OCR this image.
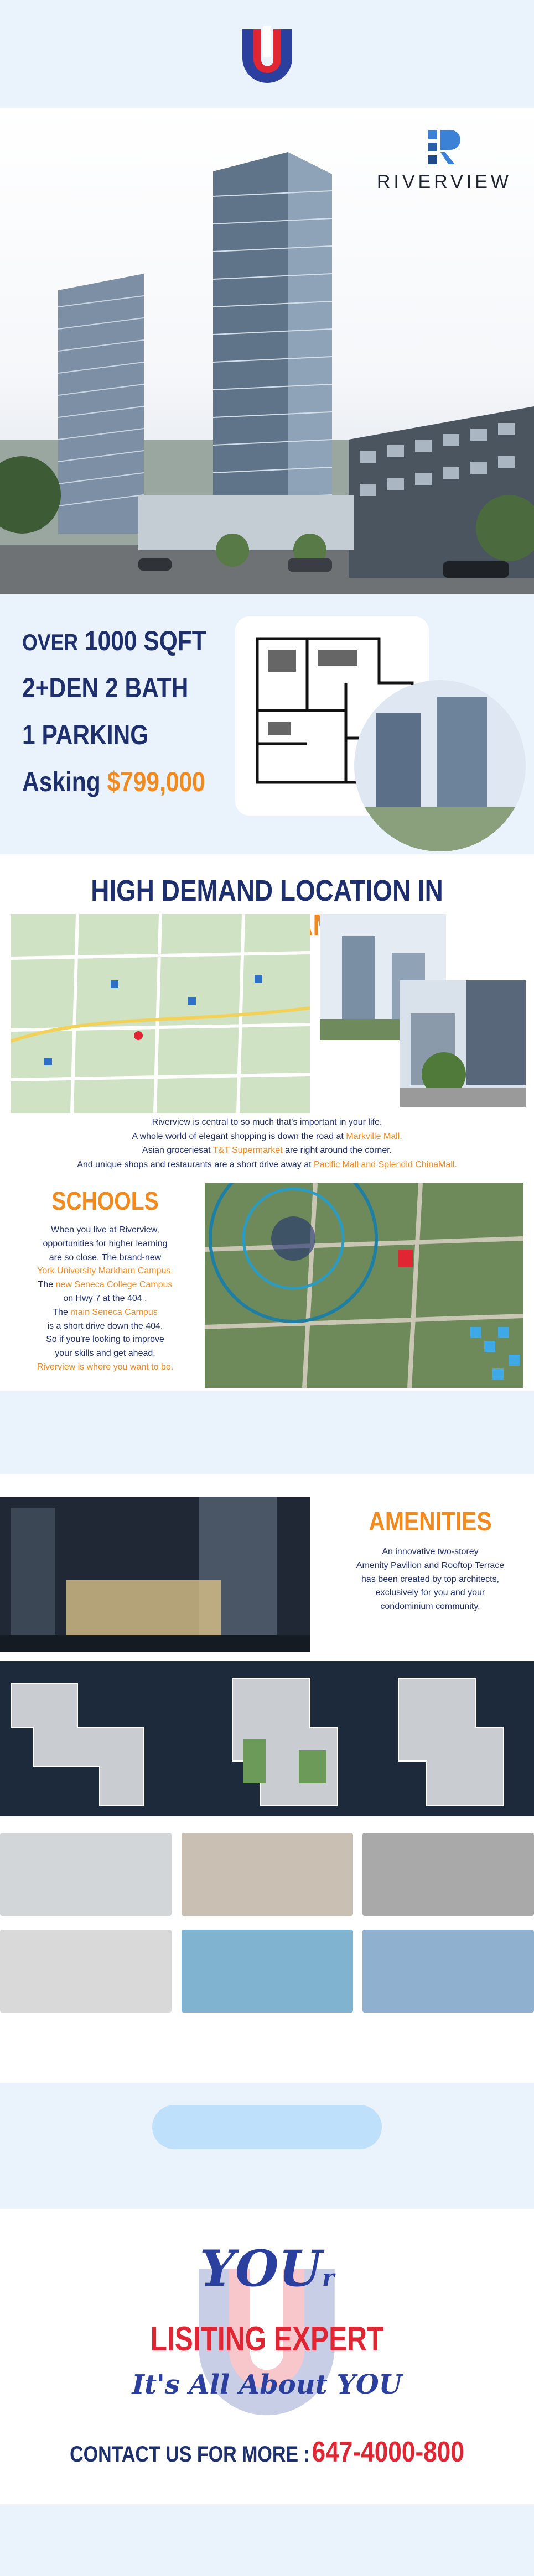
RIVERVIEW
OVER 1000 SQFT
2+DEN 2 BATH
1 PARKING
Asking $799,000
HIGH DEMAND LOCATION IN
Riverview is central to so much that's important in your life.
A whole world of elegant shopping is down the road at Markville Mall.
Asian groceriesat T&T Supermarket are right around the corner.
And unique shops and restaurants are a short drive away at Pacific Mall and Splendid ChinaMall.
SCHOOLS
When you live at Riverview,
opportunities for higher learning
are so close. The brand-new
York University Markham Campus.
The new Seneca College Campus
on Hwy 7 at the 404 .
The main Seneca Campus
is a short drive down the 404.
So if you're looking to improve
your skills and get ahead,
Riverview is where you want to be.
AMENITIES
An innovative two-storey
Amenity Pavilion and Rooftop Terrace
has been created by top architects,
exclusively for you and your
condominium community.
YOUr
LISITING EXPERT
It's All About YOU
CONTACT US FOR MORE : 647-4000-800
